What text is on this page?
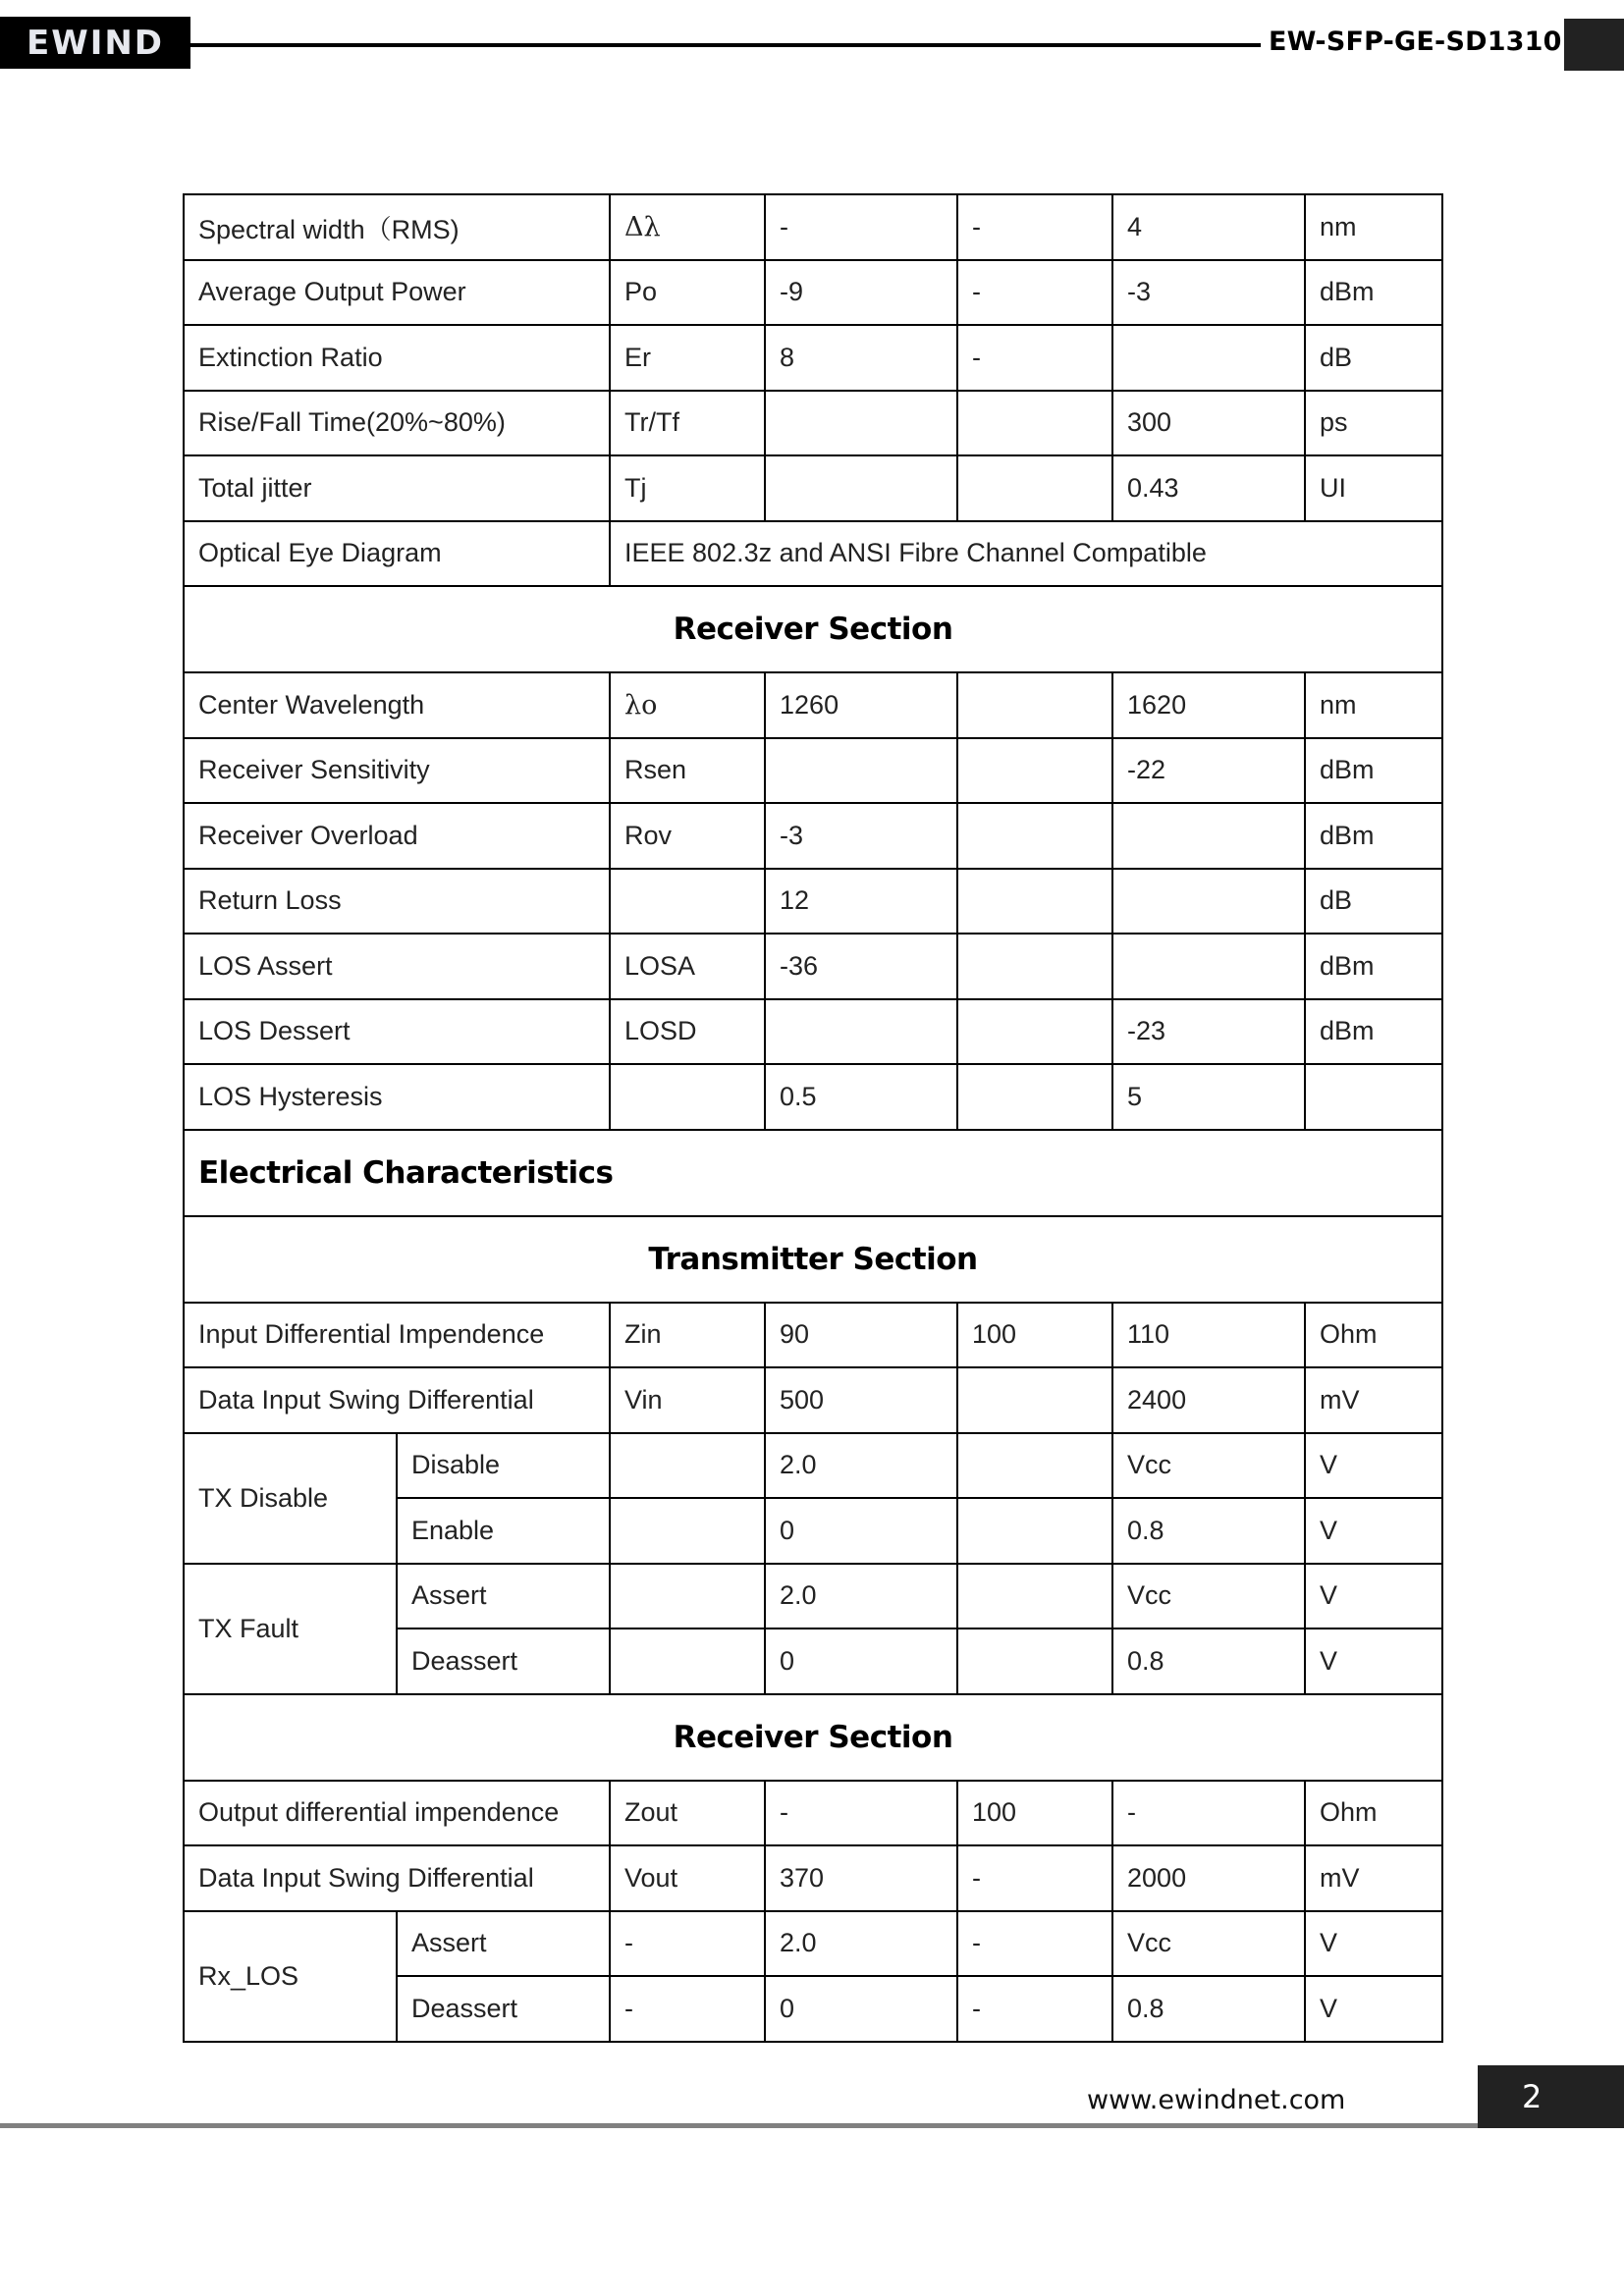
EWIND	EW-SFP-GE-SD1310
Spectral width（RMS)		Δλ	-	-	4	nm
Average Output Power		Po	-9	-	-3	dBm
Extinction Ratio		Er	8	-		dB
Rise/Fall Time(20%~80%)		Tr/Tf			300	ps
Total jitter		Tj			0.43	UI
Optical Eye Diagram		IEEE 802.3z and ANSI Fibre Channel Compatible				
Receiver Section						
Center Wavelength		λo	1260		1620	nm
Receiver Sensitivity		Rsen			-22	dBm
Receiver Overload		Rov	-3			dBm
Return Loss			12			dB
LOS Assert		LOSA	-36			dBm
LOS Dessert		LOSD			-23	dBm
LOS Hysteresis			0.5		5	
Electrical Characteristics						
Transmitter Section						
Input Differential Impendence		Zin	90	100	110	Ohm
Data Input Swing Differential		Vin	500		2400	mV
TX Disable	Disable		2.0		Vcc	V
	Enable		0		0.8	V
TX Fault	Assert		2.0		Vcc	V
	Deassert		0		0.8	V
Receiver Section						
Output differential impendence		Zout	-	100	-	Ohm
Data Input Swing Differential		Vout	370	-	2000	mV
Rx_LOS	Assert	-	2.0	-	Vcc	V
	Deassert	-	0	-	0.8	V
www.ewindnet.com	2
